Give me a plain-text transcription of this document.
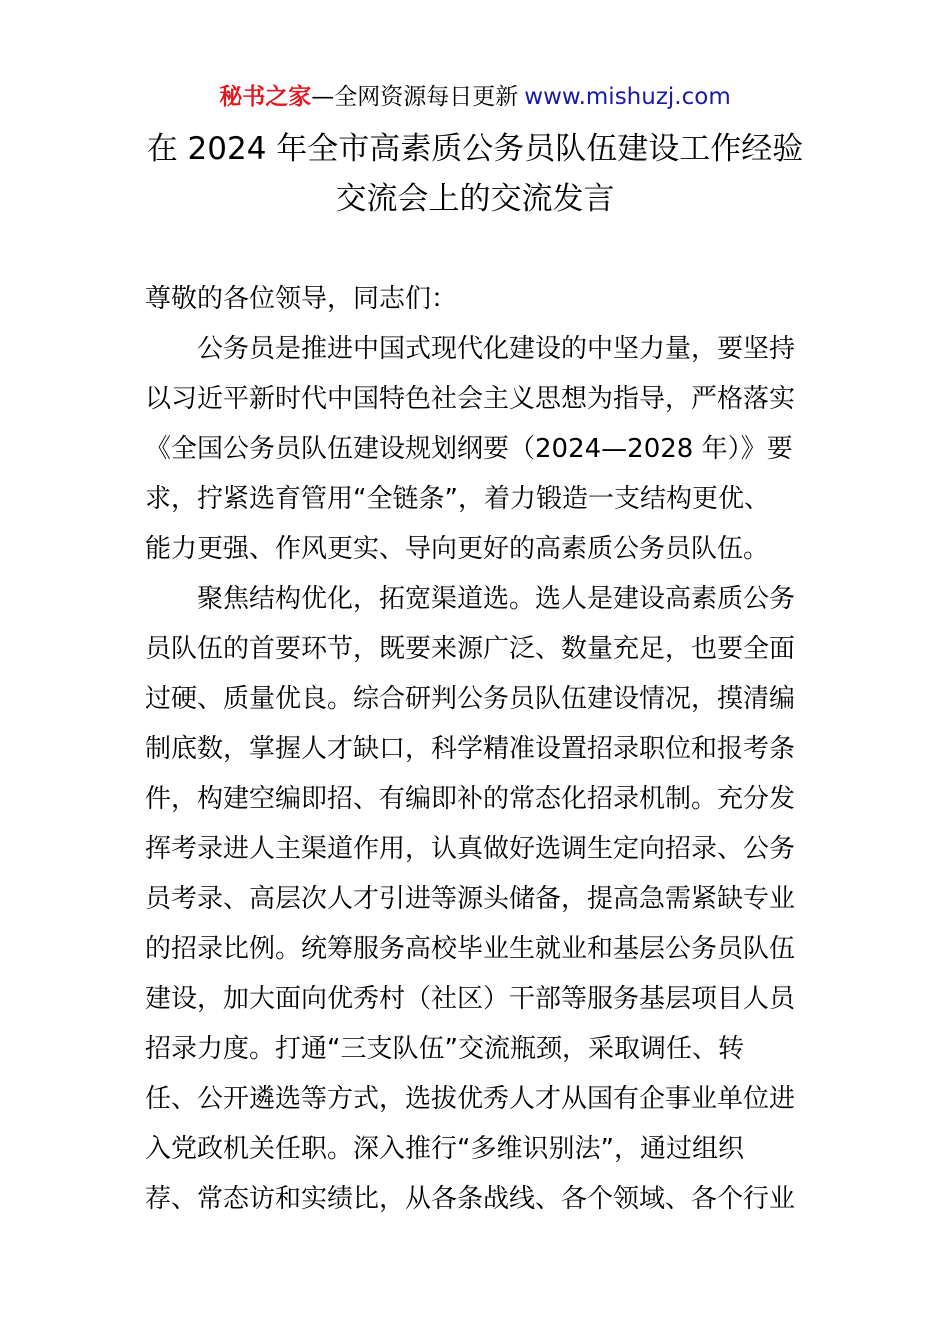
秘书之家—全网资源每日更新 www.mishuzj.com
在 2024 年全市高素质公务员队伍建设工作经验
交流会上的交流发言
尊敬的各位领导，同志们：
公务员是推进中国式现代化建设的中坚力量，要坚持
以习近平新时代中国特色社会主义思想为指导，严格落实
《全国公务员队伍建设规划纲要（2024—2028 年）》要
求，拧紧选育管用“全链条”，着力锻造一支结构更优、
能力更强、作风更实、导向更好的高素质公务员队伍。
聚焦结构优化，拓宽渠道选。选人是建设高素质公务
员队伍的首要环节，既要来源广泛、数量充足，也要全面
过硬、质量优良。综合研判公务员队伍建设情况，摸清编
制底数，掌握人才缺口，科学精准设置招录职位和报考条
件，构建空编即招、有编即补的常态化招录机制。充分发
挥考录进人主渠道作用，认真做好选调生定向招录、公务
员考录、高层次人才引进等源头储备，提高急需紧缺专业
的招录比例。统筹服务高校毕业生就业和基层公务员队伍
建设，加大面向优秀村（社区）干部等服务基层项目人员
招录力度。打通“三支队伍”交流瓶颈，采取调任、转
任、公开遴选等方式，选拔优秀人才从国有企事业单位进
入党政机关任职。深入推行“多维识别法”，通过组织
荐、常态访和实绩比，从各条战线、各个领域、各个行业
